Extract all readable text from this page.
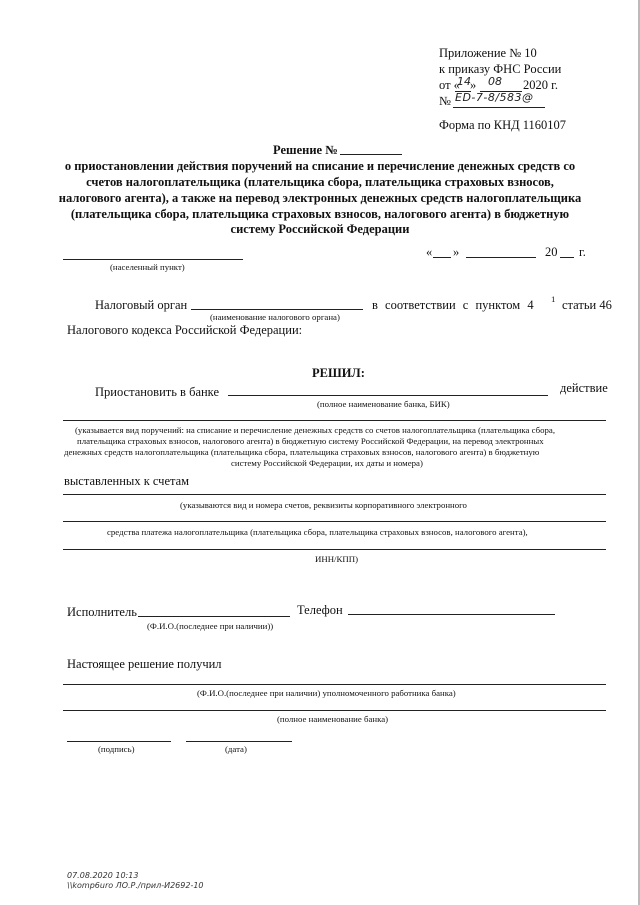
Приложение № 10
к приказу ФНС России
от «
14 » 08 2020 г.
№ ED-7-8/583@
Форма по КНД 1160107
Решение №
о приостановлении действия поручений на списание и перечисление денежных средств со
счетов налогоплательщика (плательщика сбора, плательщика страховых взносов,
налогового агента), а также на перевод электронных денежных средств налогоплательщика
(плательщика сбора, плательщика страховых взносов, налогового агента) в бюджетную
систему Российской Федерации
(населенный пункт)
« »	20 г.
Налоговый орган
(наименование налогового органа)
в соответствии с пунктом 4 1 статьи 46
Налогового кодекса Российской Федерации:
РЕШИЛ:
Приостановить в банке	действие
(полное наименование банка, БИК)
(указывается вид поручений: на списание и перечисление денежных средств со счетов налогоплательщика (плательщика сбора,
плательщика страховых взносов, налогового агента) в бюджетную систему Российской Федерации, на перевод электронных
денежных средств налогоплательщика (плательщика сбора, плательщика страховых взносов, налогового агента) в бюджетную
систему Российской Федерации, их даты и номера)
выставленных к счетам
(указываются вид и номера счетов, реквизиты корпоративного электронного
средства платежа налогоплательщика (плательщика сбора, плательщика страховых взносов, налогового агента),
ИНН/КПП)
Исполнитель	Телефон
(Ф.И.О.(последнее при наличии))
Настоящее решение получил
(Ф.И.О.(последнее при наличии) уполномоченного работника банка)
(полное наименование банка)
(подпись)	(дата)
07.08.2020 10:13
\\komp6uro ЛО.Р./прил-И2692-10
